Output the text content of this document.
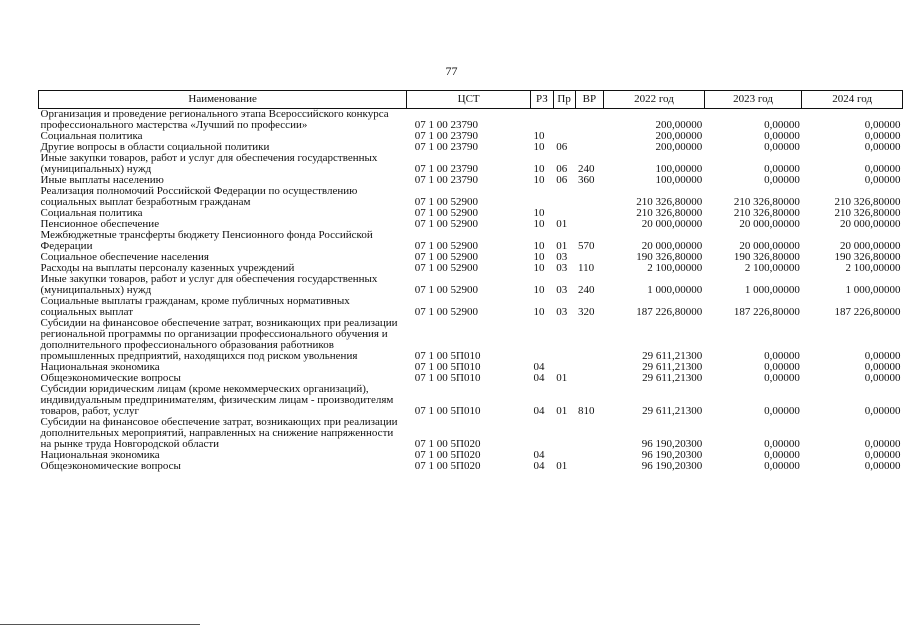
77
Наименование	ЦСТ	РЗ	Пр	ВР	2022 год	2023 год	2024 год
Организация и проведение регионального этапа Всероссийского конкурса профессионального мастерства «Лучший по профессии»	07 1 00 23790				200,00000	0,00000	0,00000
Социальная политика	07 1 00 23790	10			200,00000	0,00000	0,00000
Другие вопросы в области социальной политики	07 1 00 23790	10	06		200,00000	0,00000	0,00000
Иные закупки товаров, работ и услуг для обеспечения государственных (муниципальных) нужд	07 1 00 23790	10	06	240	100,00000	0,00000	0,00000
Иные выплаты населению	07 1 00 23790	10	06	360	100,00000	0,00000	0,00000
Реализация полномочий Российской Федерации по осуществлению социальных выплат безработным гражданам	07 1 00 52900				210 326,80000	210 326,80000	210 326,80000
Социальная политика	07 1 00 52900	10			210 326,80000	210 326,80000	210 326,80000
Пенсионное обеспечение	07 1 00 52900	10	01		20 000,00000	20 000,00000	20 000,00000
Межбюджетные трансферты бюджету Пенсионного фонда Российской Федерации	07 1 00 52900	10	01	570	20 000,00000	20 000,00000	20 000,00000
Социальное обеспечение населения	07 1 00 52900	10	03		190 326,80000	190 326,80000	190 326,80000
Расходы на выплаты персоналу казенных учреждений	07 1 00 52900	10	03	110	2 100,00000	2 100,00000	2 100,00000
Иные закупки товаров, работ и услуг для обеспечения государственных (муниципальных) нужд	07 1 00 52900	10	03	240	1 000,00000	1 000,00000	1 000,00000
Социальные выплаты гражданам, кроме публичных нормативных социальных выплат	07 1 00 52900	10	03	320	187 226,80000	187 226,80000	187 226,80000
Субсидии на финансовое обеспечение затрат, возникающих при реализации региональной программы по организации профессионального обучения и дополнительного профессионального образования работников промышленных предприятий, находящихся под риском увольнения	07 1 00 5П010				29 611,21300	0,00000	0,00000
Национальная экономика	07 1 00 5П010	04			29 611,21300	0,00000	0,00000
Общеэкономические вопросы	07 1 00 5П010	04	01		29 611,21300	0,00000	0,00000
Субсидии юридическим лицам (кроме некоммерческих организаций), индивидуальным предпринимателям, физическим лицам - производителям товаров, работ, услуг	07 1 00 5П010	04	01	810	29 611,21300	0,00000	0,00000
Субсидии на финансовое обеспечение затрат, возникающих при реализации дополнительных мероприятий, направленных на снижение напряженности на рынке труда Новгородской области	07 1 00 5П020				96 190,20300	0,00000	0,00000
Национальная экономика	07 1 00 5П020	04			96 190,20300	0,00000	0,00000
Общеэкономические вопросы	07 1 00 5П020	04	01		96 190,20300	0,00000	0,00000
